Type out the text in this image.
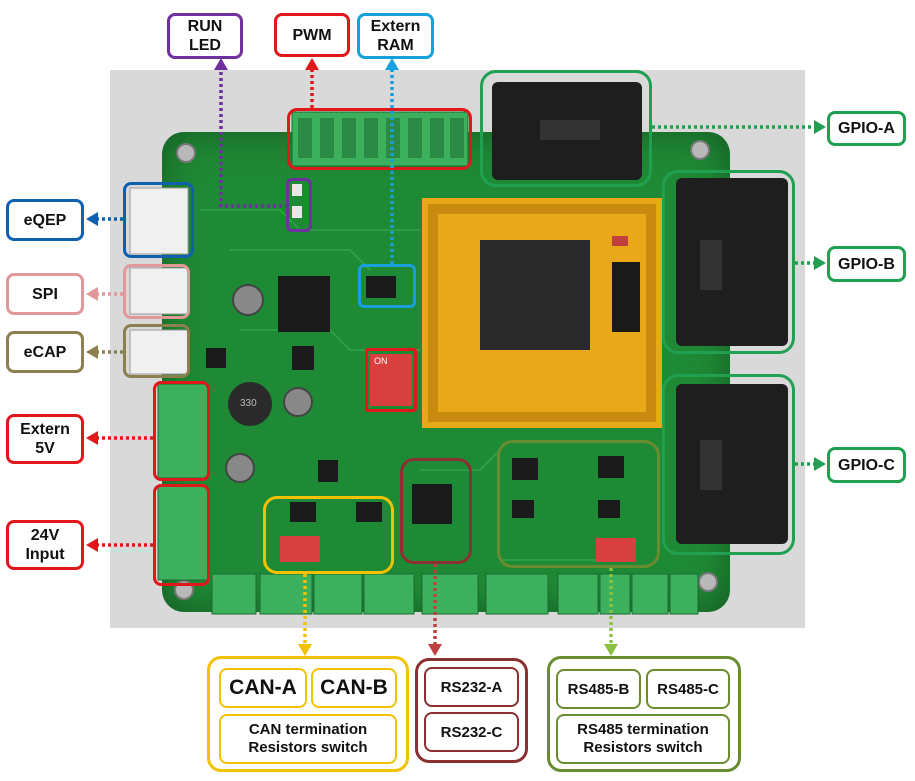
ON
330
RUN
LED
PWM	Extern
RAM
GPIO-A
GPIO-B
GPIO-C
eQEP
SPI
eCAP
Extern
5V
24V
Input
CAN-A	CAN-B
CAN termination
Resistors switch
RS232-A
RS232-C
RS485-B	RS485-C
RS485 termination
Resistors switch
